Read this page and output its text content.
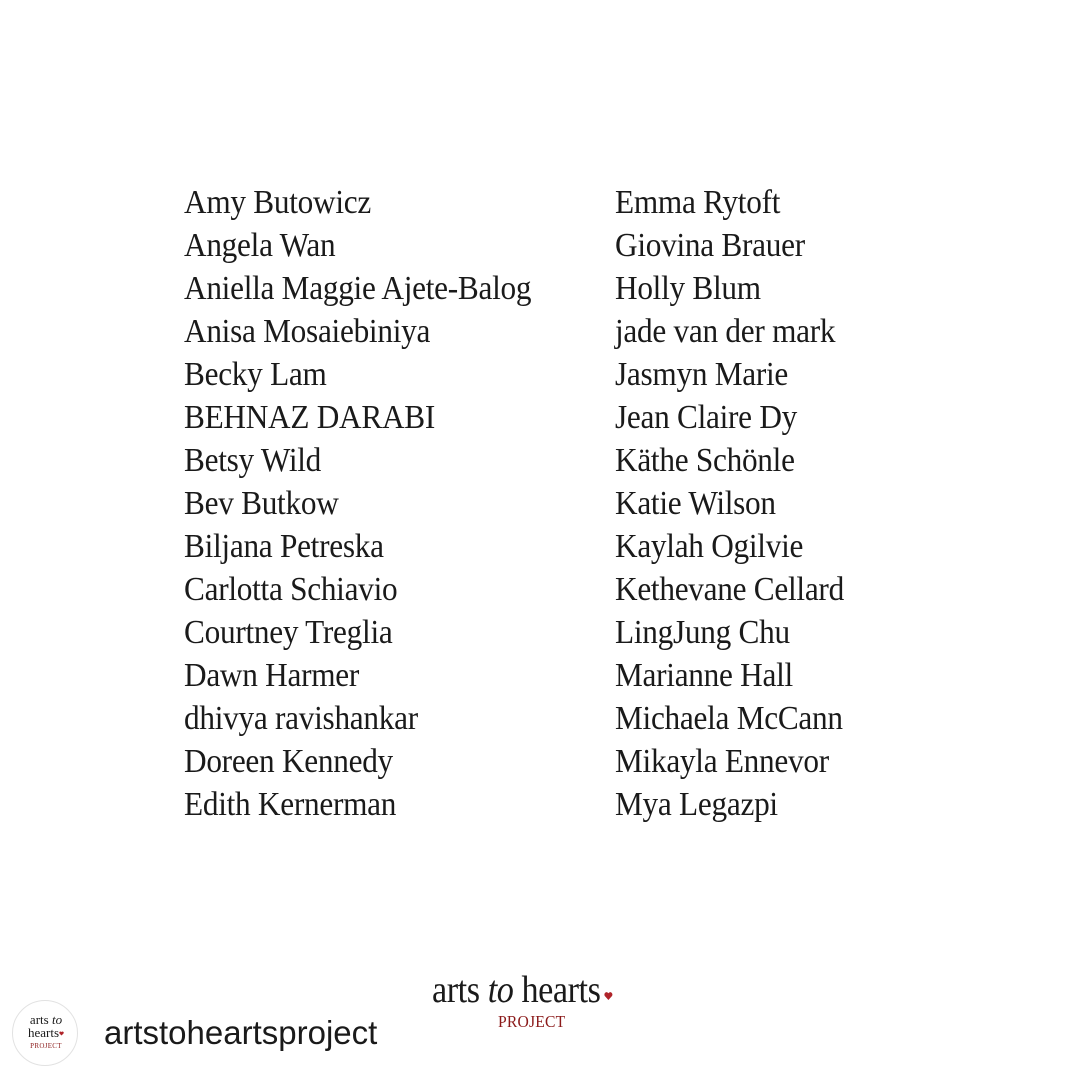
Amy Butowicz
Angela Wan
Aniella Maggie Ajete-Balog
Anisa Mosaiebiniya
Becky Lam
BEHNAZ DARABI
Betsy Wild
Bev Butkow
Biljana Petreska
Carlotta Schiavio
Courtney Treglia
Dawn Harmer
dhivya ravishankar
Doreen Kennedy
Edith Kernerman
Emma Rytoft
Giovina Brauer
Holly Blum
jade van der mark
Jasmyn Marie
Jean Claire Dy
Käthe Schönle
Katie Wilson
Kaylah Ogilvie
Kethevane Cellard
LingJung Chu
Marianne Hall
Michaela McCann
Mikayla Ennevor
Mya Legazpi
arts to hearts
PROJECT
arts to
hearts
PROJECT	artstoheartsproject
